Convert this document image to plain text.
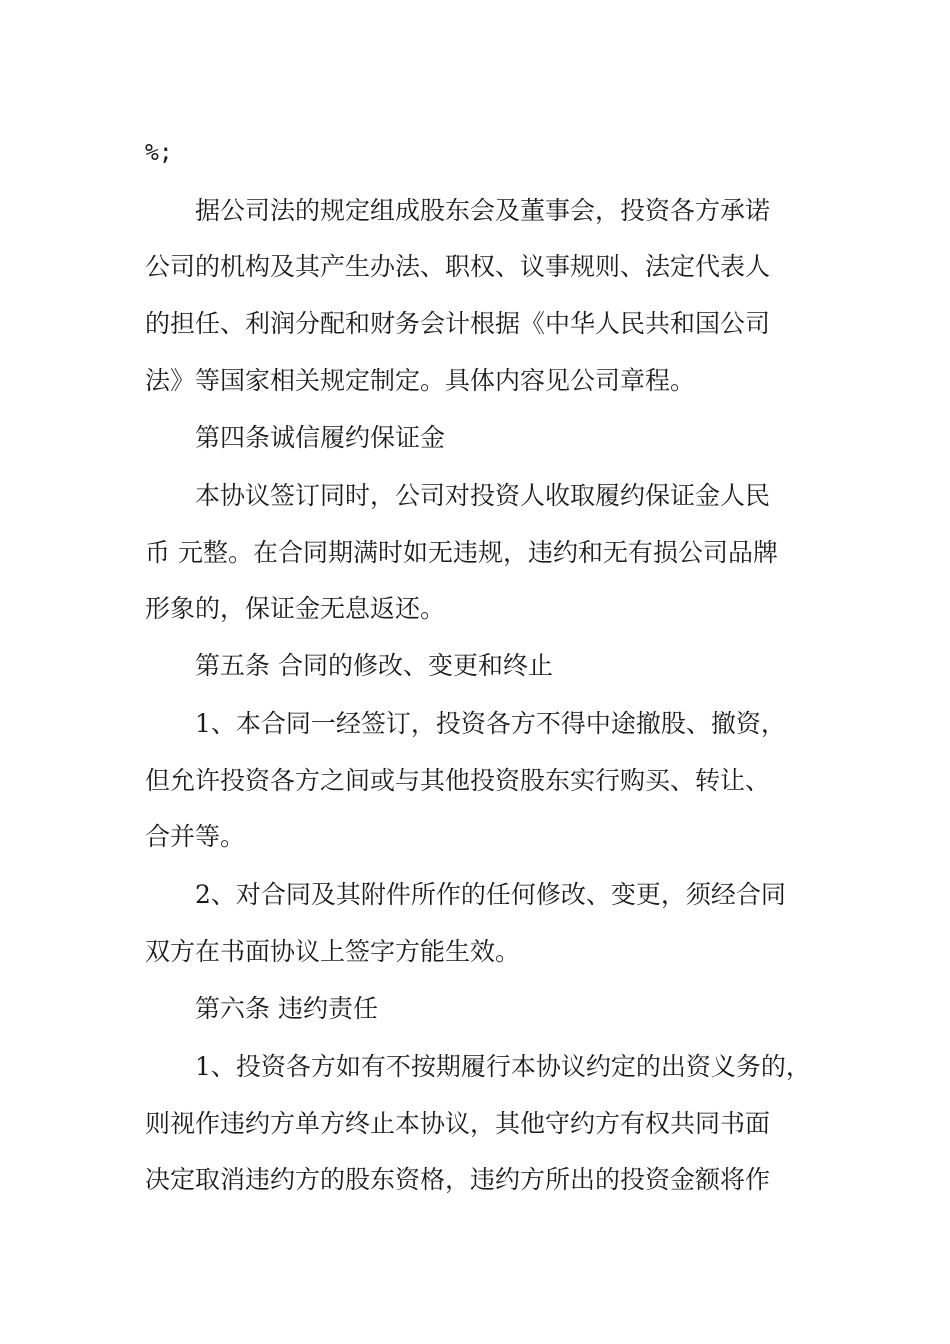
%;
据公司法的规定组成股东会及董事会，投资各方承诺
公司的机构及其产生办法、职权、议事规则、法定代表人
的担任、利润分配和财务会计根据《中华人民共和国公司
法》等国家相关规定制定。具体内容见公司章程。
第四条诚信履约保证金
本协议签订同时，公司对投资人收取履约保证金人民
币 元整。在合同期满时如无违规，违约和无有损公司品牌
形象的，保证金无息返还。
第五条 合同的修改、变更和终止
1、本合同一经签订，投资各方不得中途撤股、撤资，
但允许投资各方之间或与其他投资股东实行购买、转让、
合并等。
2、对合同及其附件所作的任何修改、变更，须经合同
双方在书面协议上签字方能生效。
第六条 违约责任
1、投资各方如有不按期履行本协议约定的出资义务的，
则视作违约方单方终止本协议，其他守约方有权共同书面
决定取消违约方的股东资格，违约方所出的投资金额将作
